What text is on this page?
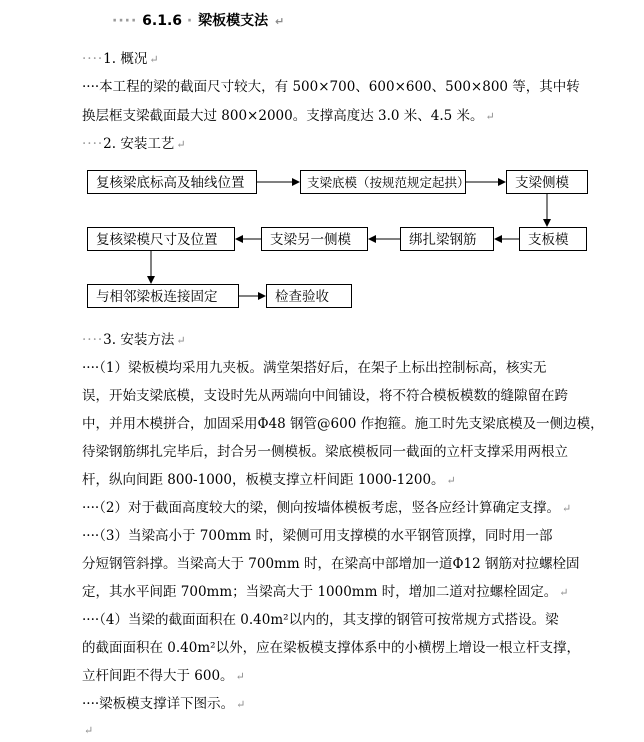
···· 6.1.6 · 梁板模支法 ↵
····1. 概况 ↵
····本工程的梁的截面尺寸较大，有 500×700、600×600、500×800 等，其中转
换层框支梁截面最大过 800×2000。支撑高度达 3.0 米、4.5 米。 ↵
····2. 安装工艺 ↵
复核梁底标高及轴线位置	支梁底模（按规范规定起拱）	支梁侧模
复核梁模尺寸及位置	支梁另一侧模	绑扎梁钢筋	支板模
与相邻梁板连接固定	检查验收
····3. 安装方法 ↵
····（1）梁板模均采用九夹板。满堂架搭好后，在架子上标出控制标高，核实无
误，开始支梁底模，支设时先从两端向中间铺设，将不符合模板模数的缝隙留在跨
中，并用木模拼合，加固采用Φ48 钢管@600 作抱箍。施工时先支梁底模及一侧边模，
待梁钢筋绑扎完毕后，封合另一侧模板。梁底模板同一截面的立杆支撑采用两根立
杆，纵向间距 800-1000，板模支撑立杆间距 1000-1200。 ↵
····（2）对于截面高度较大的梁，侧向按墙体模板考虑，竖各应经计算确定支撑。 ↵
····（3）当梁高小于 700mm 时，梁侧可用支撑模的水平钢管顶撑，同时用一部
分短钢管斜撑。当梁高大于 700mm 时，在梁高中部增加一道Φ12 钢筋对拉螺栓固
定，其水平间距 700mm；当梁高大于 1000mm 时，增加二道对拉螺栓固定。 ↵
····（4）当梁的截面面积在 0.40m²以内的，其支撑的钢管可按常规方式搭设。梁
的截面面积在 0.40m²以外，应在梁板模支撑体系中的小横楞上增设一根立杆支撑，
立杆间距不得大于 600。 ↵
····梁板模支撑详下图示。 ↵
↵
